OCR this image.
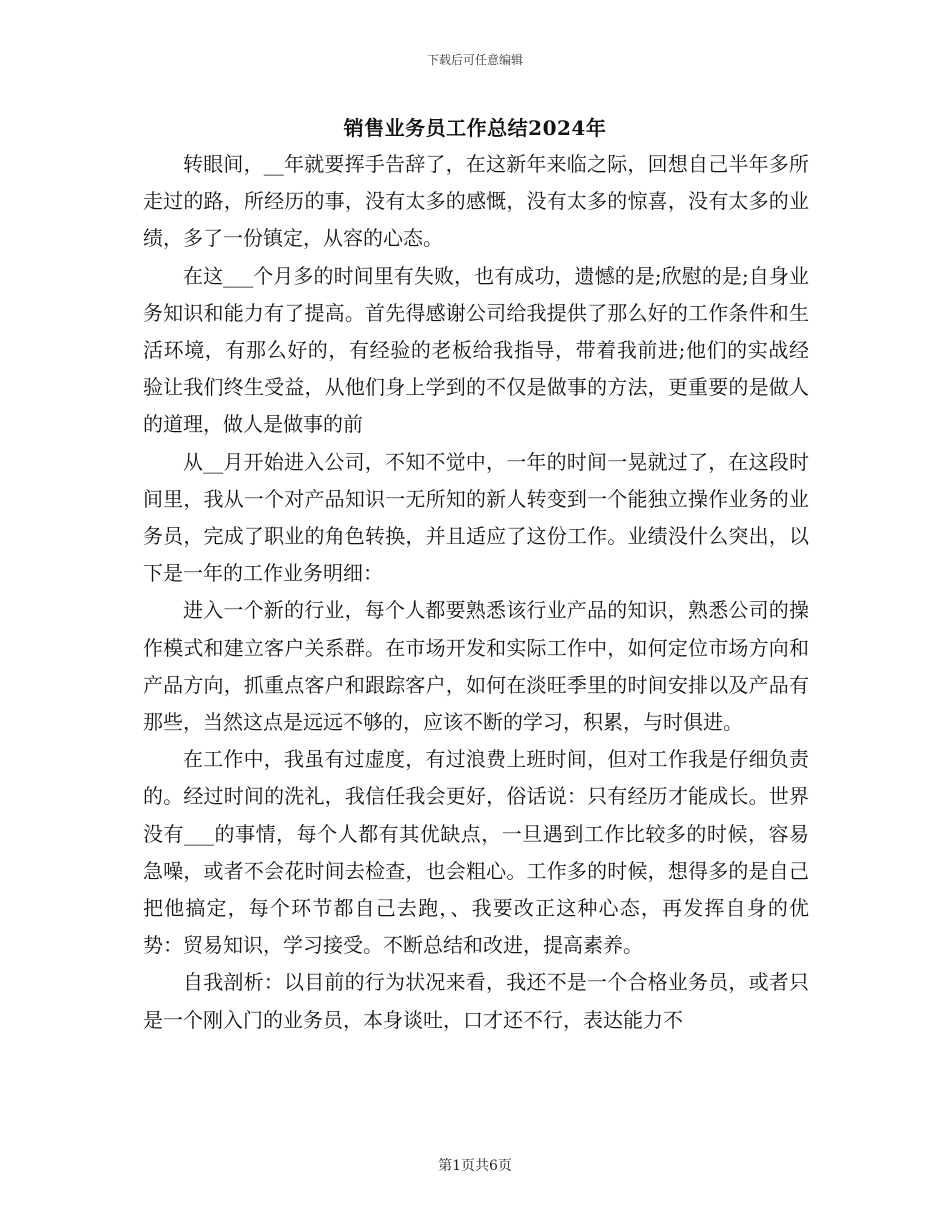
下载后可任意编辑
销售业务员工作总结2024年

转眼间，__年就要挥手告辞了，在这新年来临之际，回想自己半年多所走过的路，所经历的事，没有太多的感慨，没有太多的惊喜，没有太多的业绩，多了一份镇定，从容的心态。

在这___个月多的时间里有失败，也有成功，遗憾的是;欣慰的是;自身业务知识和能力有了提高。首先得感谢公司给我提供了那么好的工作条件和生活环境，有那么好的，有经验的老板给我指导，带着我前进;他们的实战经验让我们终生受益，从他们身上学到的不仅是做事的方法，更重要的是做人的道理，做人是做事的前

从__月开始进入公司，不知不觉中，一年的时间一晃就过了，在这段时间里，我从一个对产品知识一无所知的新人转变到一个能独立操作业务的业务员，完成了职业的角色转换，并且适应了这份工作。业绩没什么突出，以下是一年的工作业务明细：

进入一个新的行业，每个人都要熟悉该行业产品的知识，熟悉公司的操作模式和建立客户关系群。在市场开发和实际工作中，如何定位市场方向和产品方向，抓重点客户和跟踪客户，如何在淡旺季里的时间安排以及产品有那些，当然这点是远远不够的，应该不断的学习，积累，与时俱进。

在工作中，我虽有过虚度，有过浪费上班时间，但对工作我是仔细负责的。经过时间的洗礼，我信任我会更好，俗话说：只有经历才能成长。世界没有___的事情，每个人都有其优缺点，一旦遇到工作比较多的时候，容易急噪，或者不会花时间去检查，也会粗心。工作多的时候，想得多的是自己把他搞定，每个环节都自己去跑，、我要改正这种心态，再发挥自身的优势：贸易知识，学习接受。不断总结和改进，提高素养。

自我剖析：以目前的行为状况来看，我还不是一个合格业务员，或者只是一个刚入门的业务员，本身谈吐，口才还不行，表达能力不

第1页共6页
